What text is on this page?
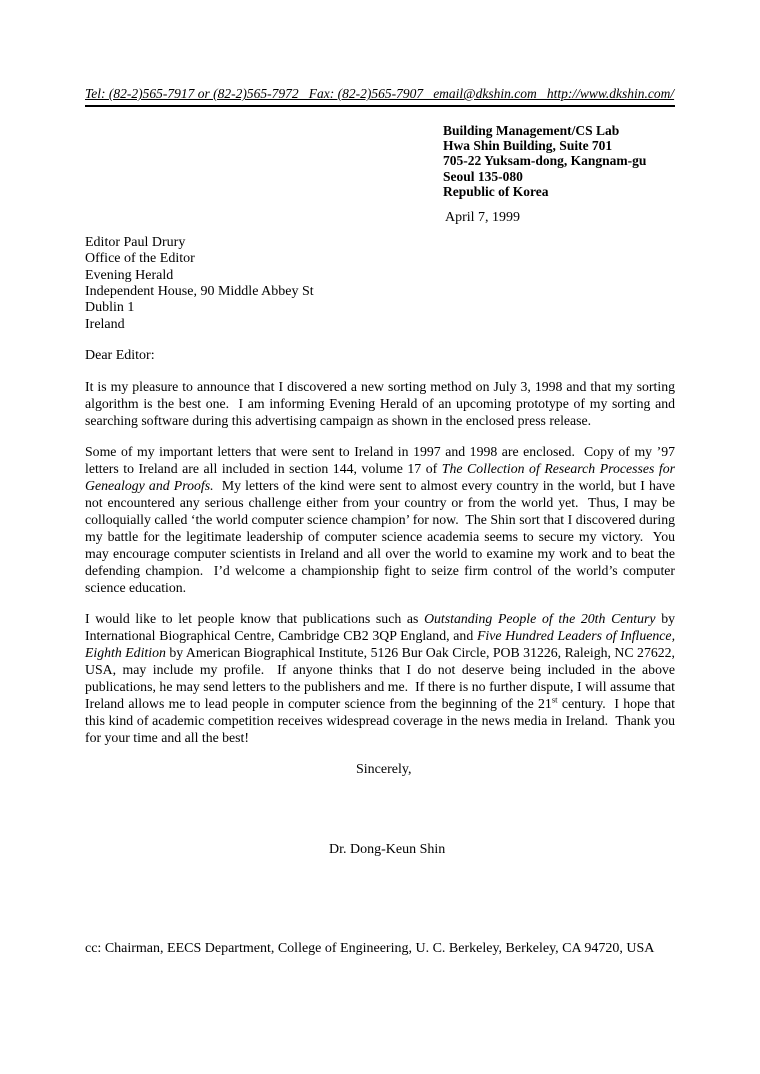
Tel: (82-2)565-7917 or (82-2)565-7972   Fax: (82-2)565-7907   email@dkshin.com   http://www.dkshin.com/
Building Management/CS Lab
Hwa Shin Building, Suite 701
705-22 Yuksam-dong, Kangnam-gu
Seoul 135-080
Republic of Korea
April 7, 1999
Editor Paul Drury
Office of the Editor
Evening Herald
Independent House, 90 Middle Abbey St
Dublin 1
Ireland
Dear Editor:
It is my pleasure to announce that I discovered a new sorting method on July 3, 1998 and that my sorting algorithm is the best one.  I am informing Evening Herald of an upcoming prototype of my sorting and searching software during this advertising campaign as shown in the enclosed press release.
Some of my important letters that were sent to Ireland in 1997 and 1998 are enclosed.  Copy of my ’97 letters to Ireland are all included in section 144, volume 17 of The Collection of Research Processes for Genealogy and Proofs.  My letters of the kind were sent to almost every country in the world, but I have not encountered any serious challenge either from your country or from the world yet.  Thus, I may be colloquially called ‘the world computer science champion’ for now.  The Shin sort that I discovered during my battle for the legitimate leadership of computer science academia seems to secure my victory.  You may encourage computer scientists in Ireland and all over the world to examine my work and to beat the defending champion.  I’d welcome a championship fight to seize firm control of the world’s computer science education.
I would like to let people know that publications such as Outstanding People of the 20th Century by International Biographical Centre, Cambridge CB2 3QP England, and Five Hundred Leaders of Influence, Eighth Edition by American Biographical Institute, 5126 Bur Oak Circle, POB 31226, Raleigh, NC 27622, USA, may include my profile.  If anyone thinks that I do not deserve being included in the above publications, he may send letters to the publishers and me.  If there is no further dispute, I will assume that Ireland allows me to lead people in computer science from the beginning of the 21st century.  I hope that this kind of academic competition receives widespread coverage in the news media in Ireland.  Thank you for your time and all the best!
Sincerely,
Dr. Dong-Keun Shin
cc: Chairman, EECS Department, College of Engineering, U. C. Berkeley, Berkeley, CA 94720, USA
